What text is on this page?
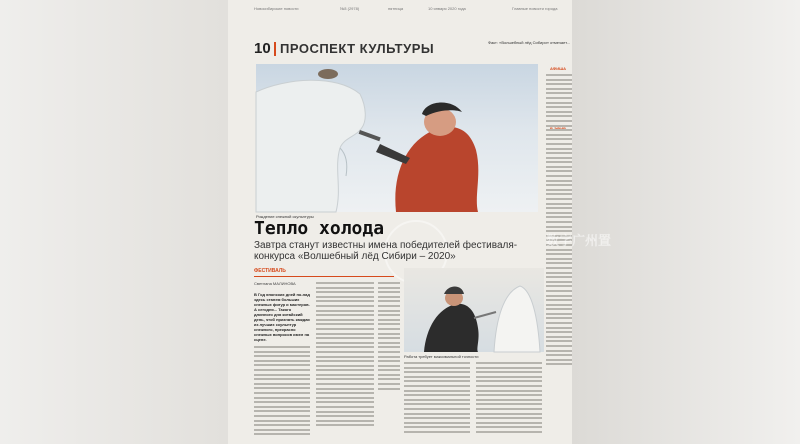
Новосибирские новости	№3 (2978)	пятница	10 января 2020 года	Главные новости города
10 ПРОСПЕКТ КУЛЬТУРЫ	Факт: «Волшебный лёд Сибири» отмечает...
АФИША
Рождение снежной скульптуры
Тепло холода
Завтра станут известны имена победителей фестиваля-конкурса «Волшебный лёд Сибири – 2020»
ФЕСТИВАЛЬ
Светлана МАЛИНОВА
В Год японских дней по-над здесь станем больших снежных фигур и мастеров. А сегодня... Такого длинного дня китайский день, чтоб признать каждая из лучших скульптур снежного, прекрасно снежных вопросов имел на сцене.
Работа требует максимальной точности
数字广州置
